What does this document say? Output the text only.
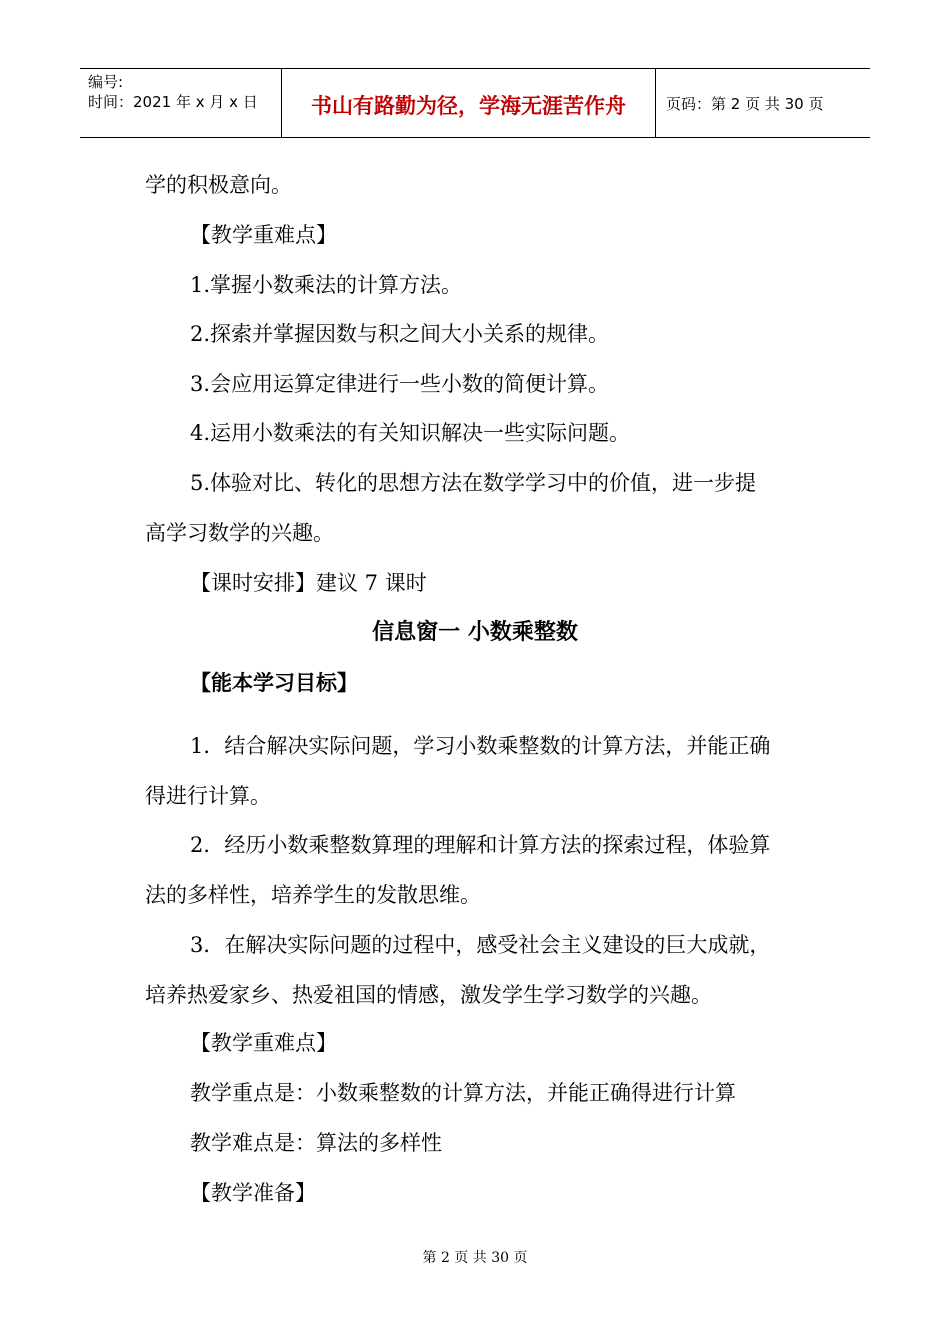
编号:
时间：2021 年 x 月 x 日	书山有路勤为径，学海无涯苦作舟	页码：第 2 页 共 30 页
学的积极意向。
【教学重难点】
1.掌握小数乘法的计算方法。
2.探索并掌握因数与积之间大小关系的规律。
3.会应用运算定律进行一些小数的简便计算。
4.运用小数乘法的有关知识解决一些实际问题。
5.体验对比、转化的思想方法在数学学习中的价值，进一步提
高学习数学的兴趣。
【课时安排】建议 7 课时
信息窗一 小数乘整数
【能本学习目标】
1．结合解决实际问题，学习小数乘整数的计算方法，并能正确
得进行计算。
2．经历小数乘整数算理的理解和计算方法的探索过程，体验算
法的多样性，培养学生的发散思维。
3．在解决实际问题的过程中，感受社会主义建设的巨大成就，
培养热爱家乡、热爱祖国的情感，激发学生学习数学的兴趣。
【教学重难点】
教学重点是：小数乘整数的计算方法，并能正确得进行计算
教学难点是：算法的多样性
【教学准备】
第 2 页 共 30 页
